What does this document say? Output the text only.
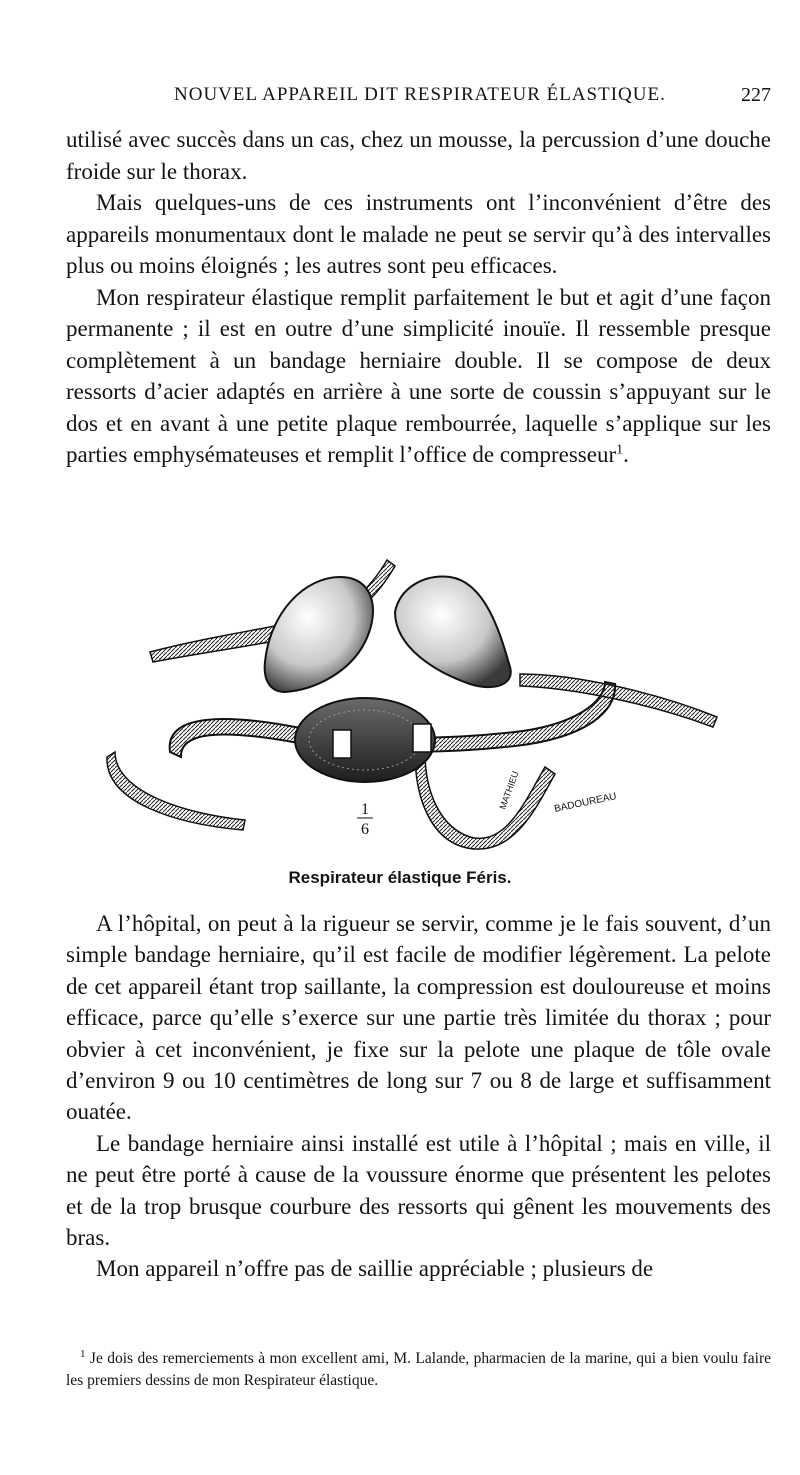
NOUVEL APPAREIL DIT RESPIRATEUR ÉLASTIQUE.	227

utilisé avec succès dans un cas, chez un mousse, la percussion d’une douche froide sur le thorax.

Mais quelques-uns de ces instruments ont l’inconvénient d’être des appareils monumentaux dont le malade ne peut se servir qu’à des intervalles plus ou moins éloignés ; les autres sont peu efficaces.

Mon respirateur élastique remplit parfaitement le but et agit d’une façon permanente ; il est en outre d’une simplicité inouïe. Il ressemble presque complètement à un bandage herniaire double. Il se compose de deux ressorts d’acier adaptés en arrière à une sorte de coussin s’appuyant sur le dos et en avant à une petite plaque rembourrée, laquelle s’applique sur les parties emphysémateuses et remplit l’office de compresseur$^1$.

1
6
MATHIEU	BADOUREAU
Respirateur élastique Féris.

A l’hôpital, on peut à la rigueur se servir, comme je le fais souvent, d’un simple bandage herniaire, qu’il est facile de modifier légèrement. La pelote de cet appareil étant trop saillante, la compression est douloureuse et moins efficace, parce qu’elle s’exerce sur une partie très limitée du thorax ; pour obvier à cet inconvénient, je fixe sur la pelote une plaque de tôle ovale d’environ 9 ou 10 centimètres de long sur 7 ou 8 de large et suffisamment ouatée.

Le bandage herniaire ainsi installé est utile à l’hôpital ; mais en ville, il ne peut être porté à cause de la voussure énorme que présentent les pelotes et de la trop brusque courbure des ressorts qui gênent les mouvements des bras.

Mon appareil n’offre pas de saillie appréciable ; plusieurs de

$^1$ Je dois des remerciements à mon excellent ami, M. Lalande, pharmacien de la marine, qui a bien voulu faire les premiers dessins de mon Respirateur élastique.
